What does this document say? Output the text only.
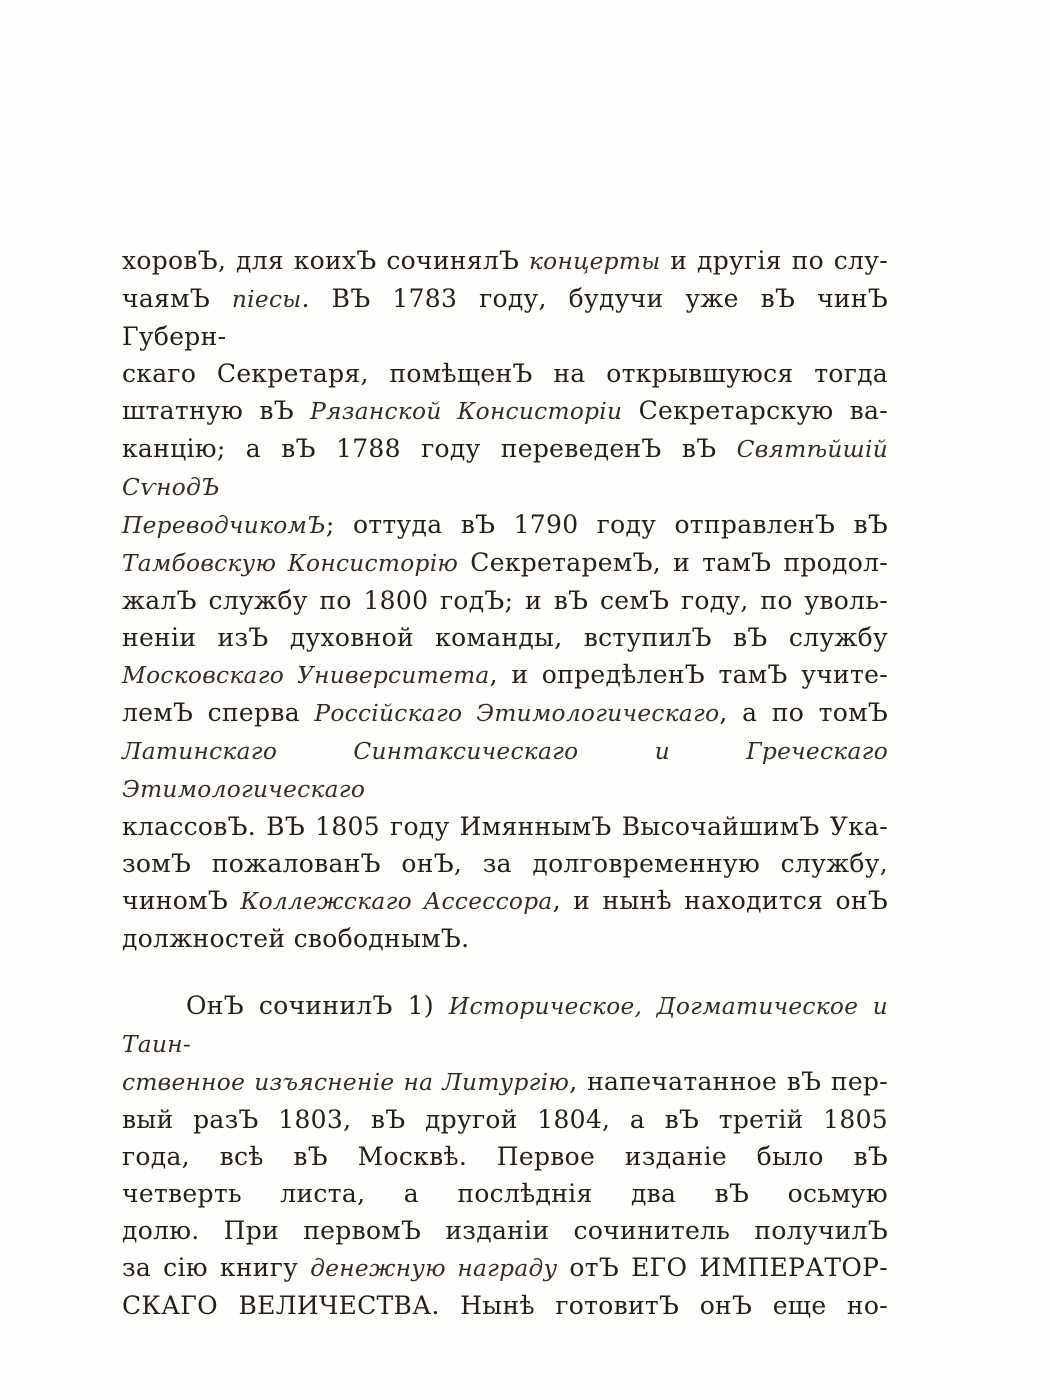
хоровЪ, для коихЪ сочинялЪ концерты и другія по слу-
чаямЪ піесы. ВЪ 1783 году, будучи уже вЪ чинЪ Губерн-
скаго Секретаря, помѣщенЪ на открывшуюся тогда
штатную вЪ Рязанской Консисторіи Секретарскую ва-
канцію; а вЪ 1788 году переведенЪ вЪ Святѣйшій СѵнодЪ
ПереводчикомЪ; оттуда вЪ 1790 году отправленЪ вЪ
Тамбовскую Консисторію СекретаремЪ, и тамЪ продол-
жалЪ службу по 1800 годЪ; и вЪ семЪ году, по уволь-
неніи изЪ духовной команды, вступилЪ вЪ службу
Московскаго Университета, и опредѣленЪ тамЪ учите-
лемЪ сперва Россійскаго Этимологическаго, а по томЪ
Латинскаго Синтаксическаго и Греческаго Этимологическаго
классовЪ. ВЪ 1805 году ИмяннымЪ ВысочайшимЪ Ука-
зомЪ пожалованЪ онЪ, за долговременную службу,
чиномЪ Коллежскаго Ассессора, и нынѣ находится онЪ
должностей свободнымЪ.
ОнЪ сочинилЪ 1) Историческое, Догматическое и Таин-
ственное изъясненіе на Литургію, напечатанное вЪ пер-
вый разЪ 1803, вЪ другой 1804, а вЪ третій 1805
года, всѣ вЪ Москвѣ. Первое изданіе было вЪ
четверть листа, а послѣднія два вЪ осьмую
долю. При первомЪ изданіи сочинитель получилЪ
за сію книгу денежную награду отЪ ЕГО ИМПЕРАТОР-
СКАГО ВЕЛИЧЕСТВА. Нынѣ готовитЪ онЪ еще но-
